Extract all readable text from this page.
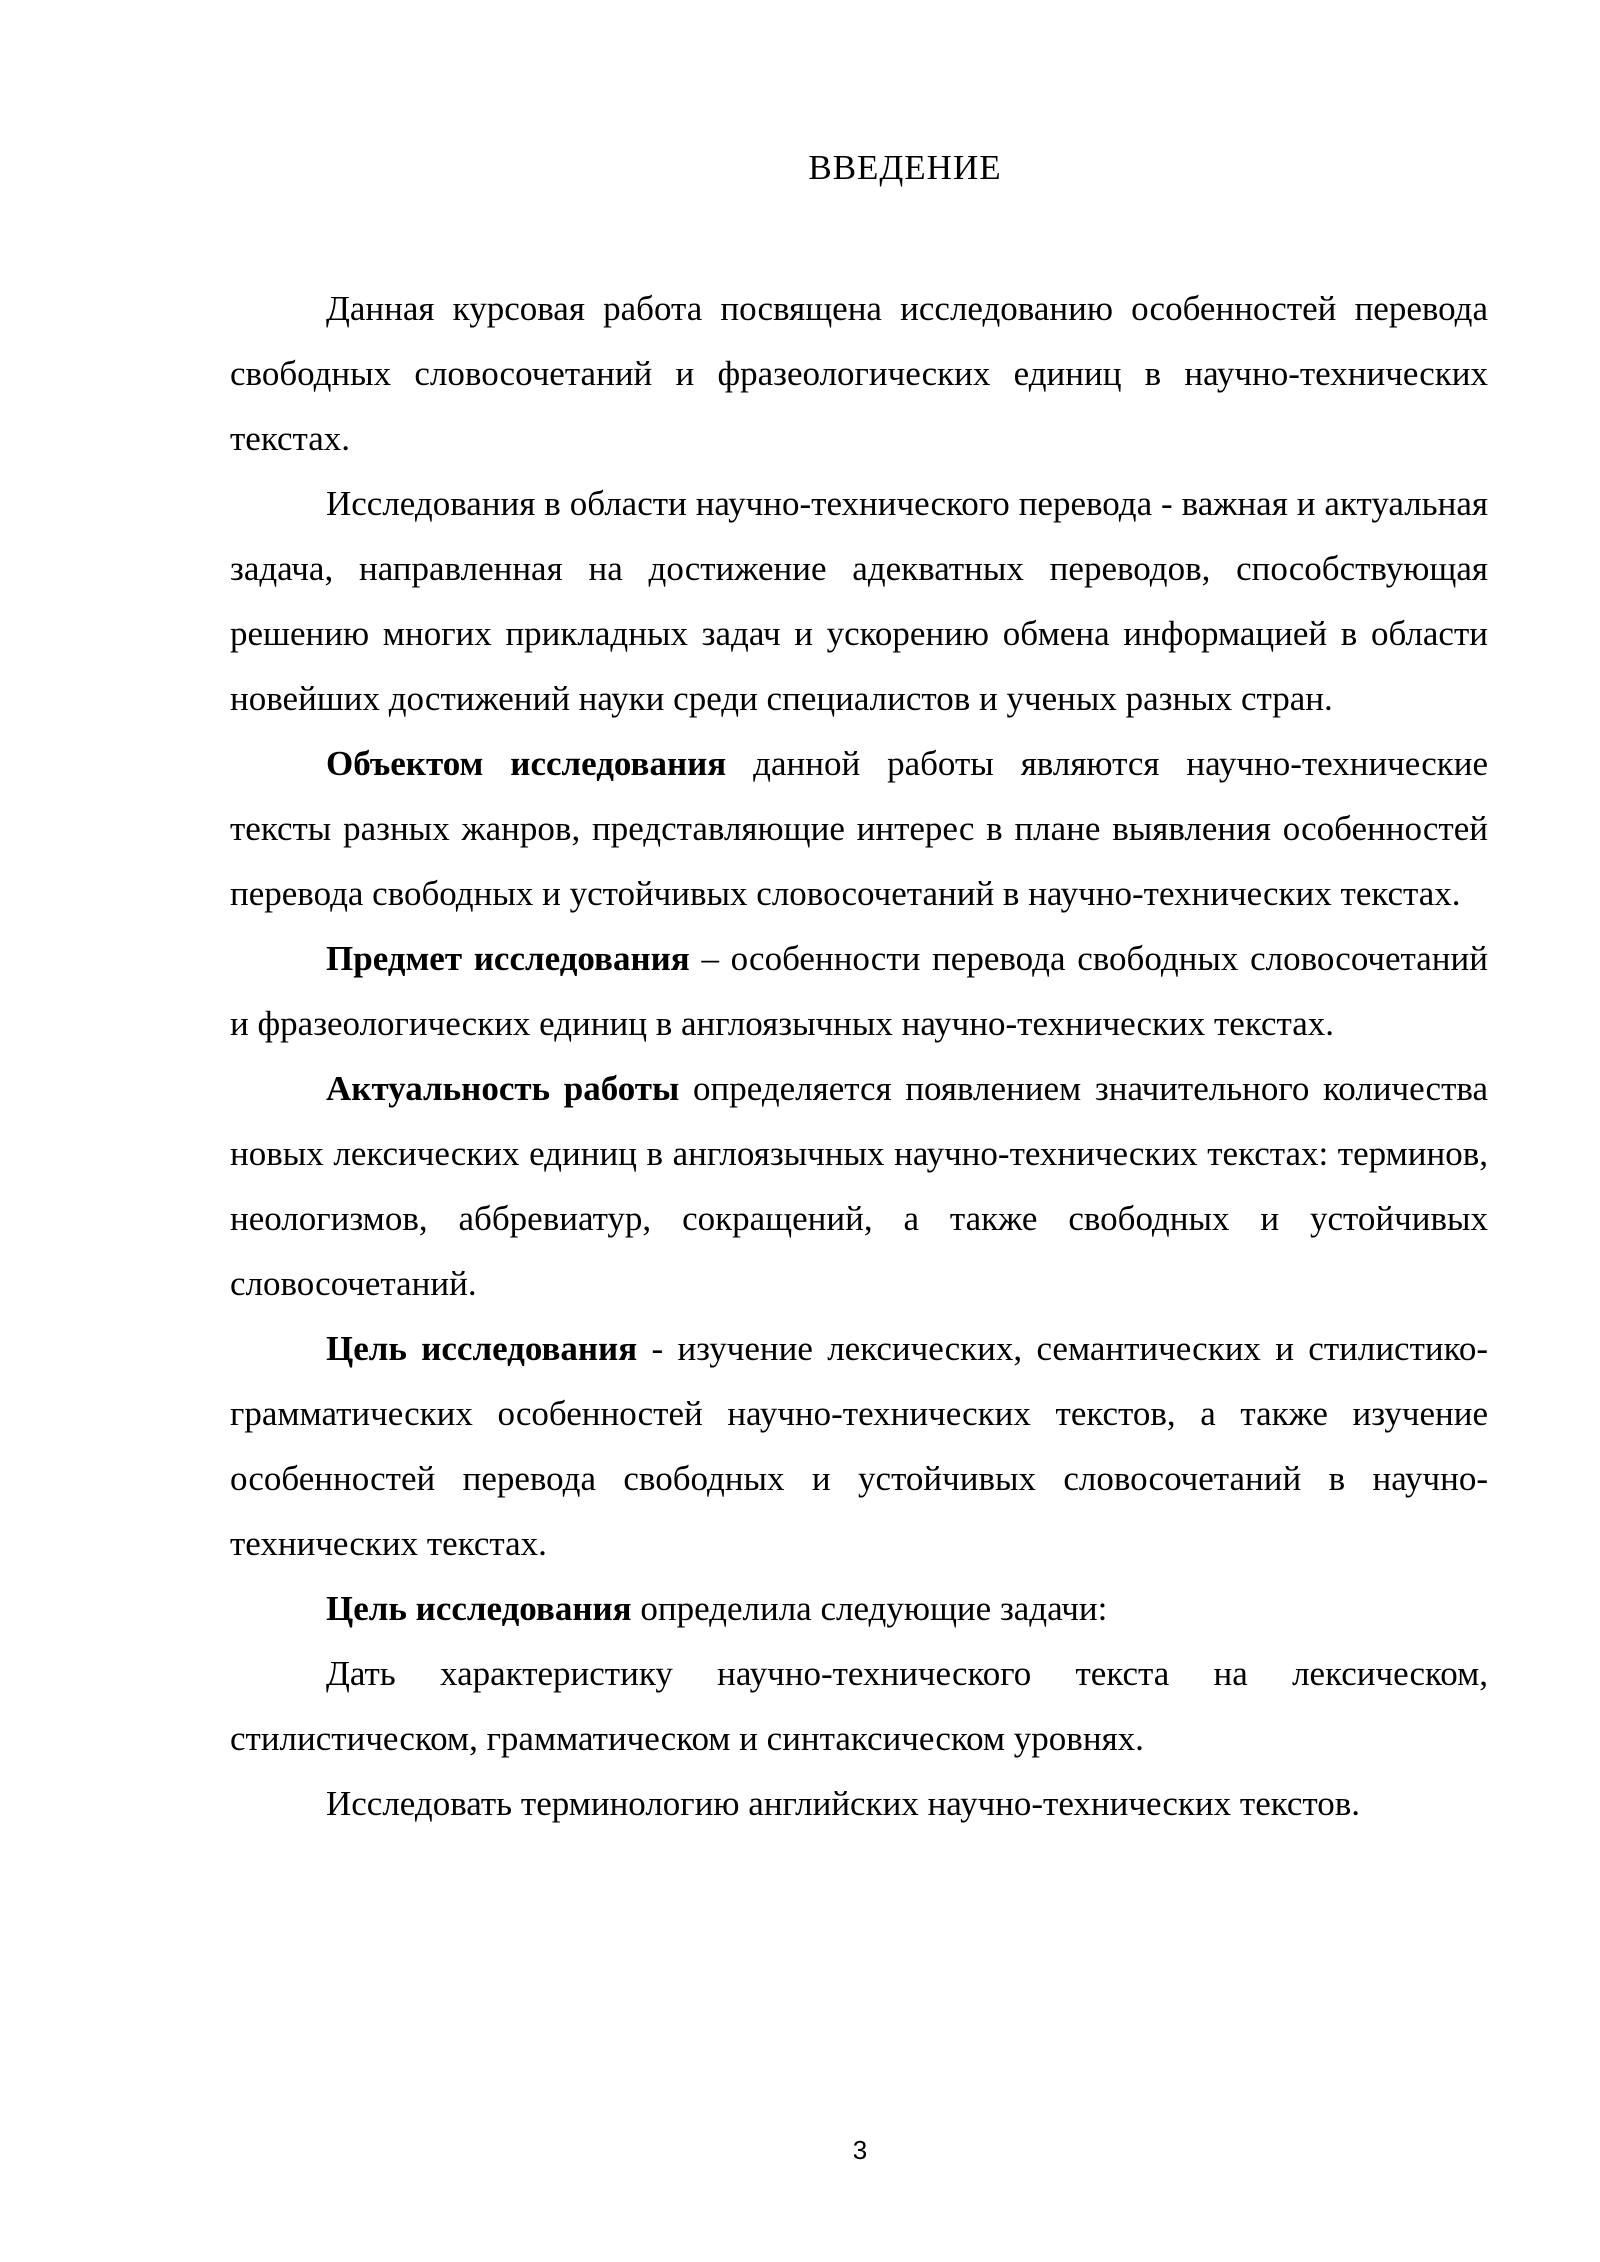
ВВЕДЕНИЕ

Данная курсовая работа посвящена исследованию особенностей перевода свободных словосочетаний и фразеологических единиц в научно-технических текстах.

Исследования в области научно-технического перевода - важная и актуальная задача, направленная на достижение адекватных переводов, способствующая решению многих прикладных задач и ускорению обмена информацией в области новейших достижений науки среди специалистов и ученых разных стран.

Объектом исследования данной работы являются научно-технические тексты разных жанров, представляющие интерес в плане выявления особенностей перевода свободных и устойчивых словосочетаний в научно-технических текстах.

Предмет исследования – особенности перевода свободных словосочетаний и фразеологических единиц в англоязычных научно-технических текстах.

Актуальность работы определяется появлением значительного количества новых лексических единиц в англоязычных научно-технических текстах: терминов, неологизмов, аббревиатур, сокращений, а также свободных и устойчивых словосочетаний.

Цель исследования - изучение лексических, семантических и стилистико-грамматических особенностей научно-технических текстов, а также изучение особенностей перевода свободных и устойчивых словосочетаний в научно-технических текстах.

Цель исследования определила следующие задачи:

Дать характеристику научно-технического текста на лексическом, стилистическом, грамматическом и синтаксическом уровнях.

Исследовать терминологию английских научно-технических текстов.

3
